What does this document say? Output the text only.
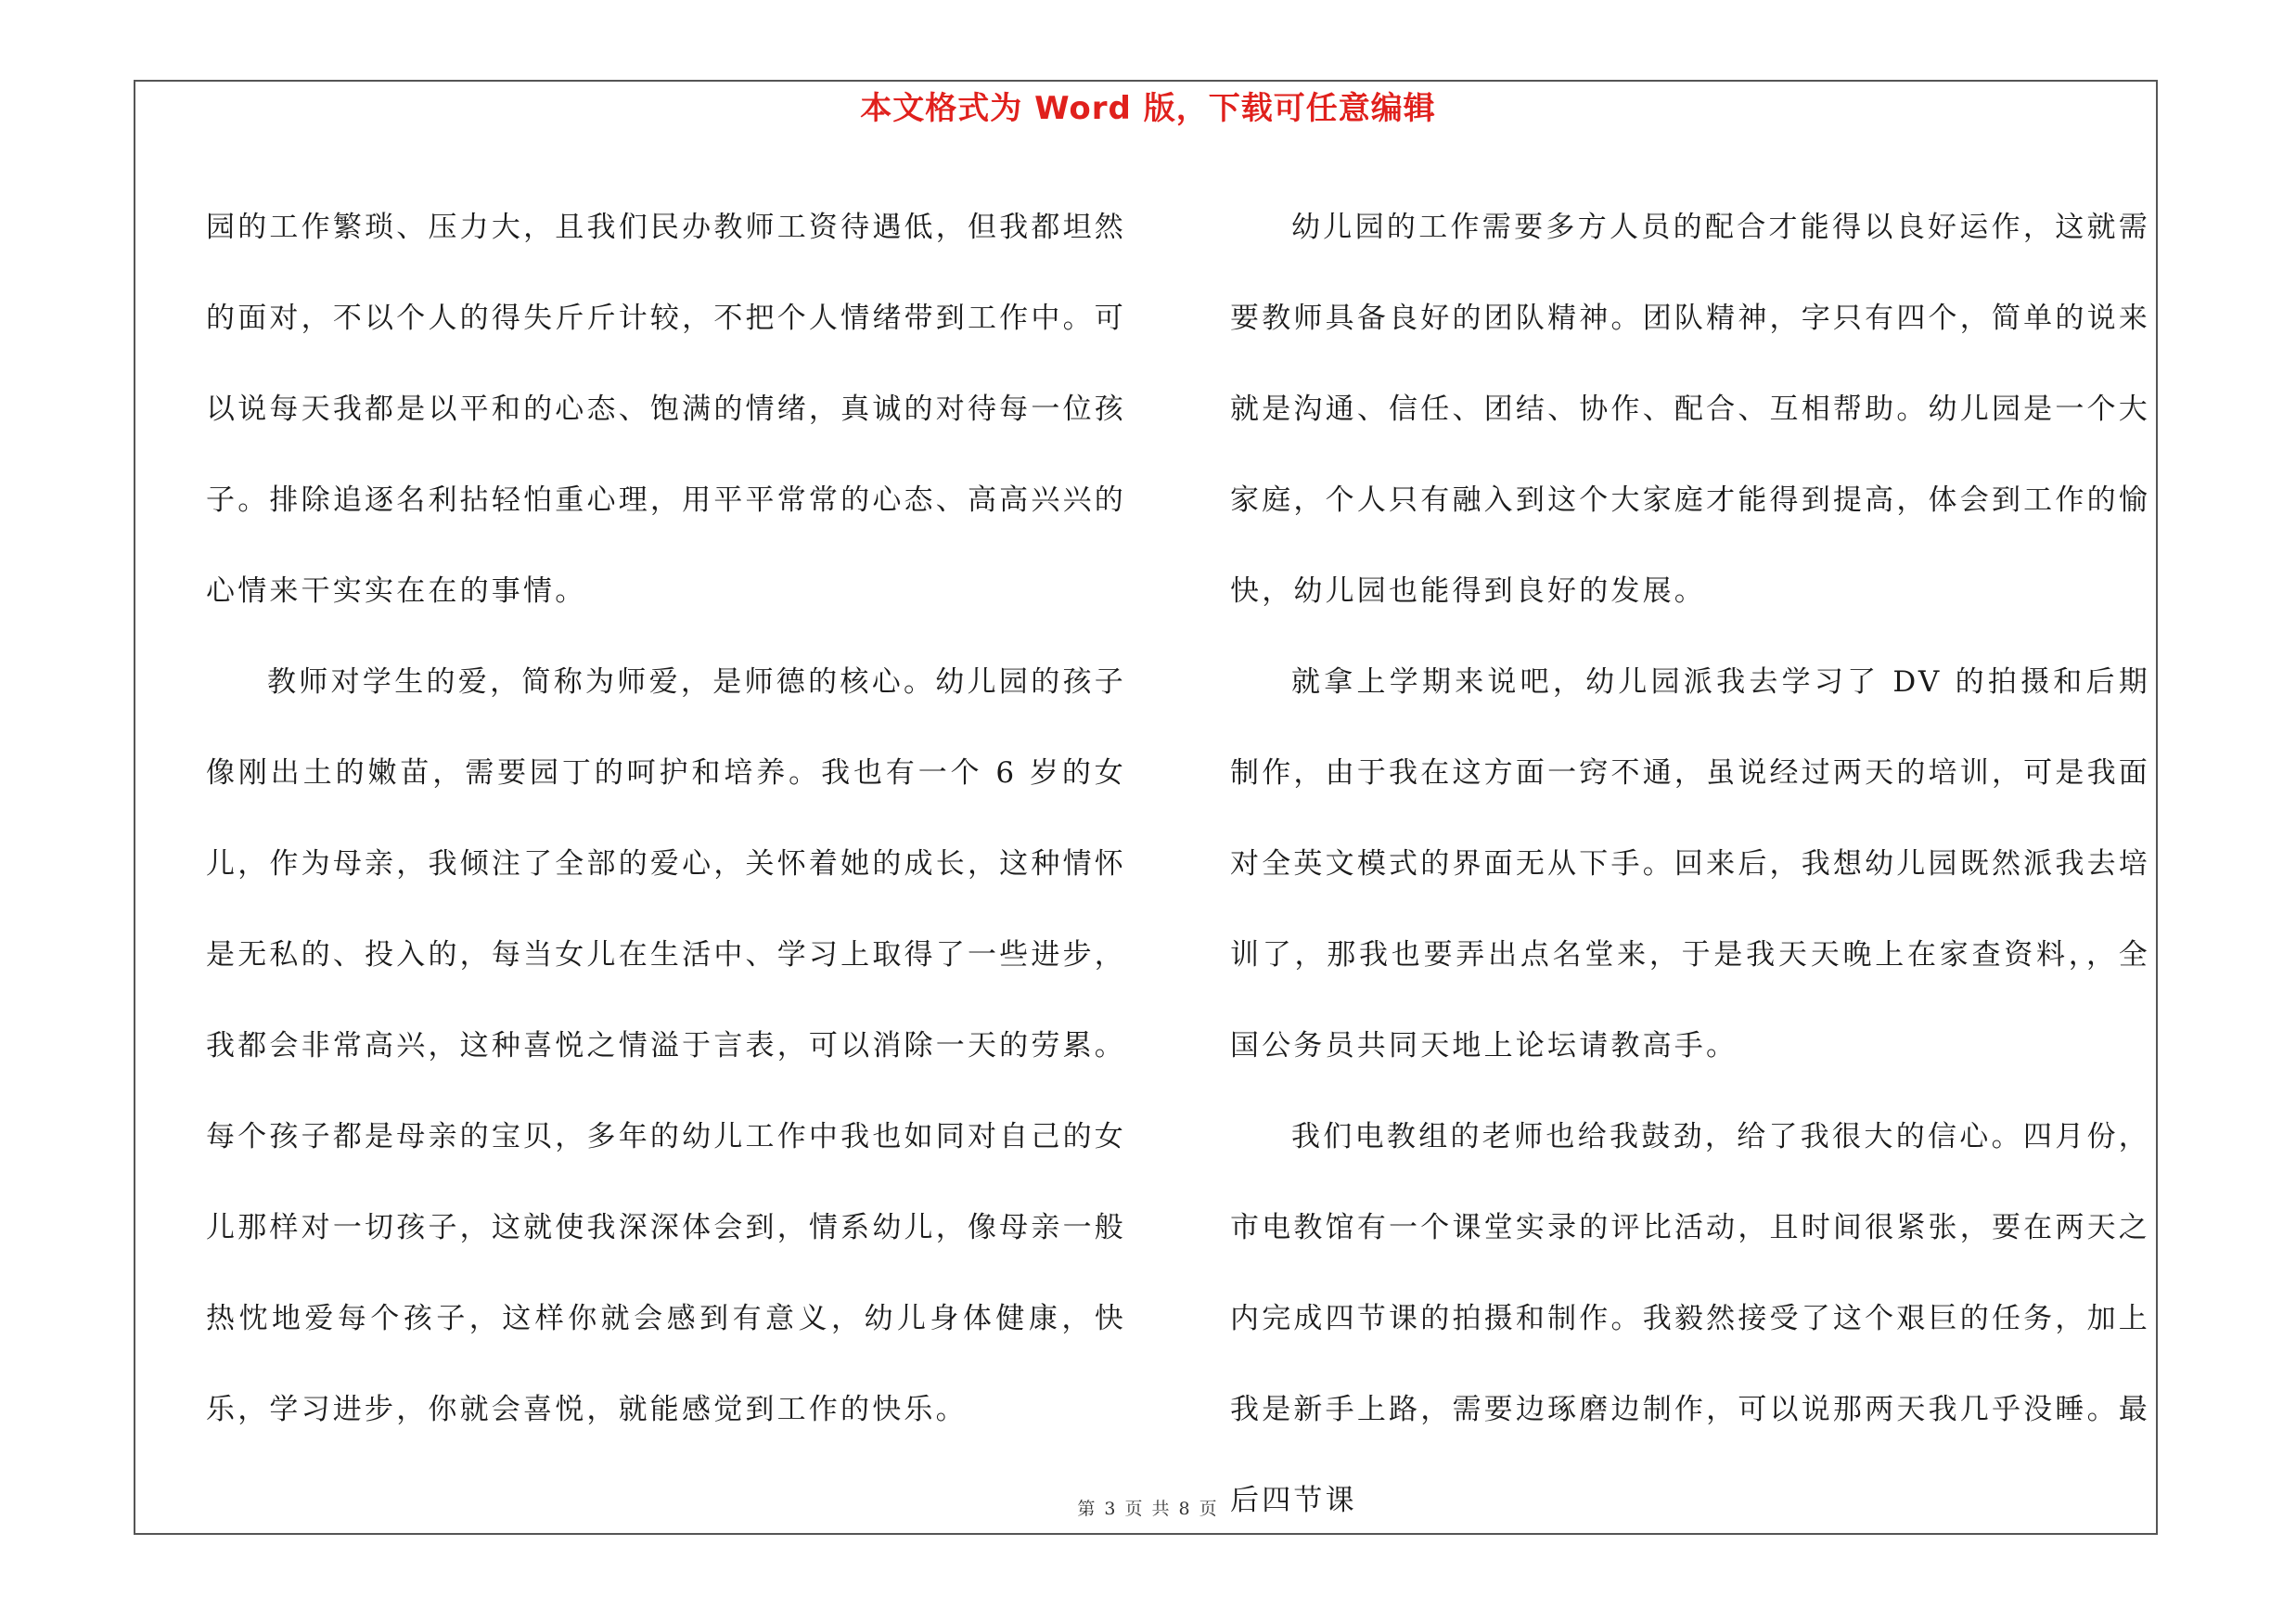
本文格式为 Word 版，下载可任意编辑

园的工作繁琐、压力大，且我们民办教师工资待遇低，但我都坦然的面对，不以个人的得失斤斤计较，不把个人情绪带到工作中。可以说每天我都是以平和的心态、饱满的情绪，真诚的对待每一位孩子。排除追逐名利拈轻怕重心理，用平平常常的心态、高高兴兴的心情来干实实在在的事情。

教师对学生的爱，简称为师爱，是师德的核心。幼儿园的孩子像刚出土的嫩苗，需要园丁的呵护和培养。我也有一个 6 岁的女儿，作为母亲，我倾注了全部的爱心，关怀着她的成长，这种情怀是无私的、投入的，每当女儿在生活中、学习上取得了一些进步，我都会非常高兴，这种喜悦之情溢于言表，可以消除一天的劳累。每个孩子都是母亲的宝贝，多年的幼儿工作中我也如同对自己的女儿那样对一切孩子，这就使我深深体会到，情系幼儿，像母亲一般热忱地爱每个孩子，这样你就会感到有意义，幼儿身体健康，快乐，学习进步，你就会喜悦，就能感觉到工作的快乐。

幼儿园的工作需要多方人员的配合才能得以良好运作，这就需要教师具备良好的团队精神。团队精神，字只有四个，简单的说来就是沟通、信任、团结、协作、配合、互相帮助。幼儿园是一个大家庭，个人只有融入到这个大家庭才能得到提高，体会到工作的愉快，幼儿园也能得到良好的发展。

就拿上学期来说吧，幼儿园派我去学习了 DV 的拍摄和后期制作，由于我在这方面一窍不通，虽说经过两天的培训，可是我面对全英文模式的界面无从下手。回来后，我想幼儿园既然派我去培训了，那我也要弄出点名堂来，于是我天天晚上在家查资料，，全国公务员共同天地上论坛请教高手。

我们电教组的老师也给我鼓劲，给了我很大的信心。四月份，市电教馆有一个课堂实录的评比活动，且时间很紧张，要在两天之内完成四节课的拍摄和制作。我毅然接受了这个艰巨的任务，加上我是新手上路，需要边琢磨边制作，可以说那两天我几乎没睡。最后四节课

第 3 页 共 8 页
